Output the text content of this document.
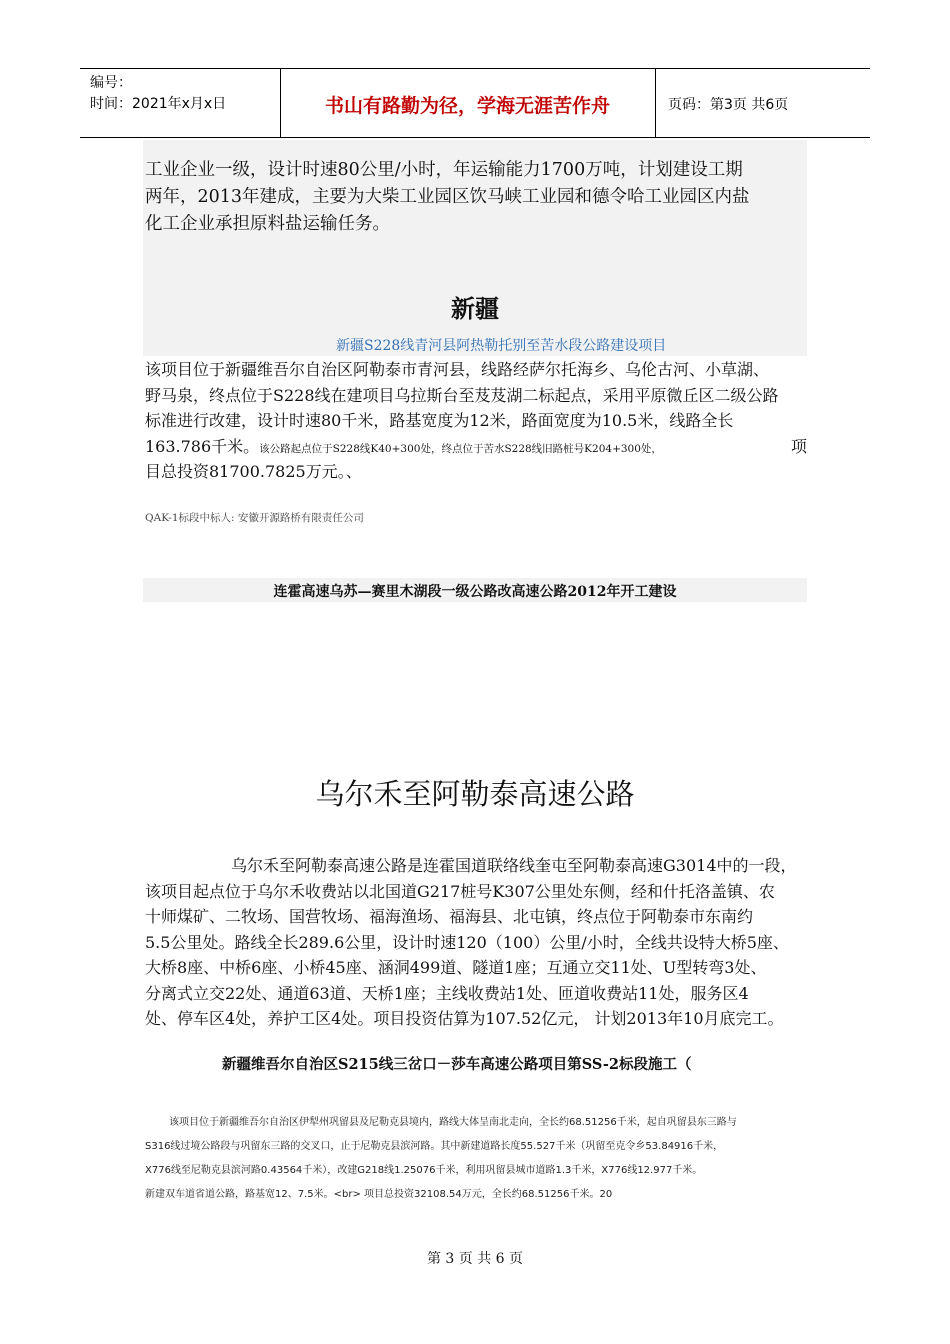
编号：
时间：2021年x月x日	书山有路勤为径，学海无涯苦作舟	页码：第3页 共6页
工业企业一级，设计时速80公里/小时，年运输能力1700万吨，计划建设工期
两年，2013年建成，主要为大柴工业园区饮马峡工业园和德令哈工业园区内盐
化工企业承担原料盐运输任务。
新疆
新疆S228线青河县阿热勒托别至苦水段公路建设项目
该项目位于新疆维吾尔自治区阿勒泰市青河县，线路经萨尔托海乡、乌伦古河、小草湖、
野马泉，终点位于S228线在建项目乌拉斯台至芨芨湖二标起点，采用平原微丘区二级公路
标准进行改建，设计时速80千米，路基宽度为12米，路面宽度为10.5米，线路全长
163.786千米。该公路起点位于S228线K40+300处，终点位于苦水S228线旧路桩号K204+300处，	项
目总投资81700.7825万元。、
QAK-1标段中标人: 安徽开源路桥有限责任公司
连霍高速乌苏—赛里木湖段一级公路改高速公路2012年开工建设
乌尔禾至阿勒泰高速公路
乌尔禾至阿勒泰高速公路是连霍国道联络线奎屯至阿勒泰高速G3014中的一段，
该项目起点位于乌尔禾收费站以北国道G217桩号K307公里处东侧，经和什托洛盖镇、农
十师煤矿、二牧场、国营牧场、福海渔场、福海县、北屯镇，终点位于阿勒泰市东南约
5.5公里处。路线全长289.6公里，设计时速120（100）公里/小时，全线共设特大桥5座、
大桥8座、中桥6座、小桥45座、涵洞499道、隧道1座；互通立交11处、U型转弯3处、
分离式立交22处、通道63道、天桥1座；主线收费站1处、匝道收费站11处，服务区4
处、停车区4处，养护工区4处。项目投资估算为107.52亿元， 计划2013年10月底完工。
新疆维吾尔自治区S215线三岔口－莎车高速公路项目第SS-2标段施工（
该项目位于新疆维吾尔自治区伊犁州巩留县及尼勒克县境内，路线大体呈南北走向，全长约68.51256千米，起自巩留县东三路与
S316线过境公路段与巩留东三路的交叉口，止于尼勒克县滨河路。其中新建道路长度55.527千米（巩留至克令乡53.84916千米，
X776线至尼勒克县滨河路0.43564千米），改建G218线1.25076千米，利用巩留县城市道路1.3千米，X776线12.977千米。
新建双车道省道公路，路基宽12、7.5米。<br> 项目总投资32108.54万元，全长约68.51256千米。20
第 3 页 共 6 页
